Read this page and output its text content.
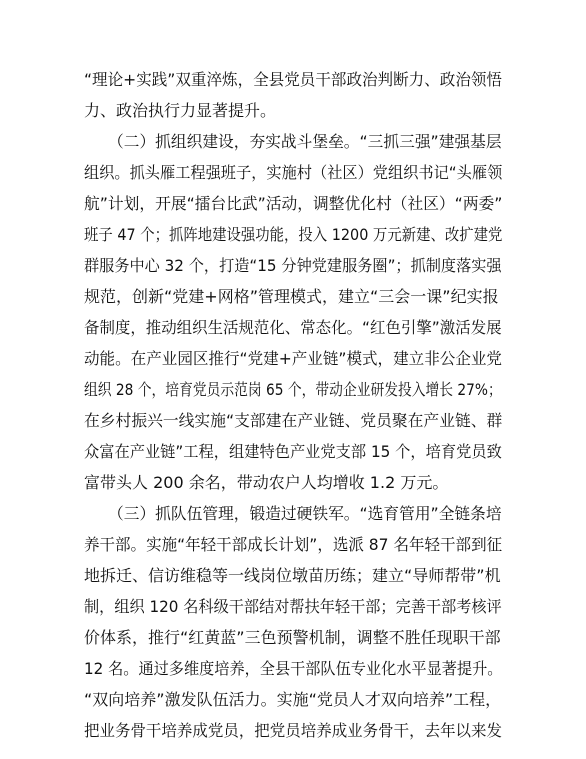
“理论+实践”双重淬炼，全县党员干部政治判断力、政治领悟
力、政治执行力显著提升。
（二）抓组织建设，夯实战斗堡垒。“三抓三强”建强基层
组织。抓头雁工程强班子，实施村（社区）党组织书记“头雁领
航”计划，开展“擂台比武”活动，调整优化村（社区）“两委”
班子 47 个；抓阵地建设强功能，投入 1200 万元新建、改扩建党
群服务中心 32 个，打造“15 分钟党建服务圈”；抓制度落实强
规范，创新“党建+网格”管理模式，建立“三会一课”纪实报
备制度，推动组织生活规范化、常态化。“红色引擎”激活发展
动能。在产业园区推行“党建+产业链”模式，建立非公企业党
组织 28 个，培育党员示范岗 65 个，带动企业研发投入增长 27%；
在乡村振兴一线实施“支部建在产业链、党员聚在产业链、群
众富在产业链”工程，组建特色产业党支部 15 个，培育党员致
富带头人 200 余名，带动农户人均增收 1.2 万元。
（三）抓队伍管理，锻造过硬铁军。“选育管用”全链条培
养干部。实施“年轻干部成长计划”，选派 87 名年轻干部到征
地拆迁、信访维稳等一线岗位墩苗历练；建立“导师帮带”机
制，组织 120 名科级干部结对帮扶年轻干部；完善干部考核评
价体系，推行“红黄蓝”三色预警机制，调整不胜任现职干部
12 名。通过多维度培养，全县干部队伍专业化水平显著提升。
“双向培养”激发队伍活力。实施“党员人才双向培养”工程，
把业务骨干培养成党员，把党员培养成业务骨干，去年以来发
